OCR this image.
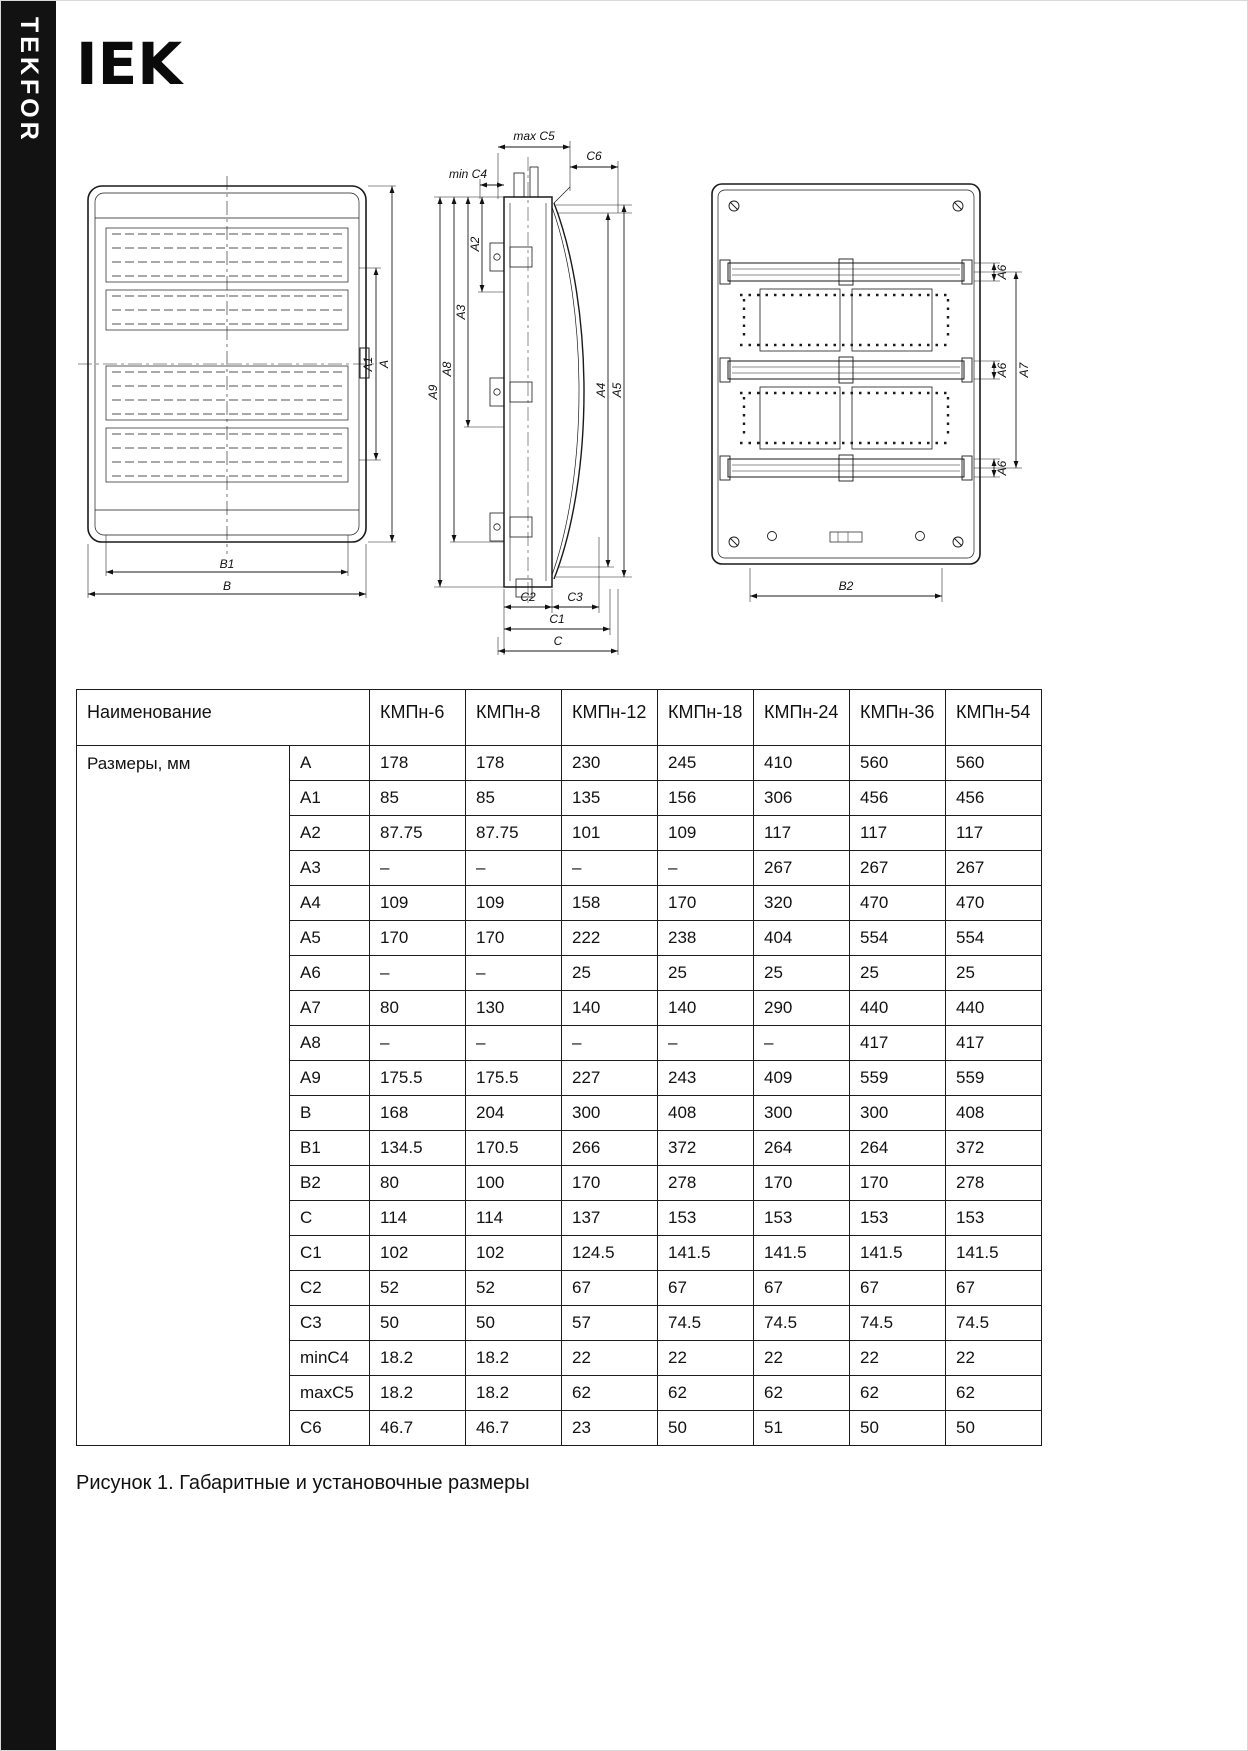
TEKFOR IEK
A1 A
B1
B
max C5
C6
min C4
A2
A3
A8
A9	A4 A5
C2	C3
C1
C
A6
A6
A6
A7
B2
Наименование		КМПн-6	КМПн-8	КМПн-12	КМПн-18	КМПн-24	КМПн-36	КМПн-54
Размеры, мм	A	178	178	230	245	410	560	560
	A1	85	85	135	156	306	456	456
	A2	87.75	87.75	101	109	117	117	117
	A3	–	–	–	–	267	267	267
	A4	109	109	158	170	320	470	470
	A5	170	170	222	238	404	554	554
	A6	–	–	25	25	25	25	25
	A7	80	130	140	140	290	440	440
	A8	–	–	–	–	–	417	417
	A9	175.5	175.5	227	243	409	559	559
	B	168	204	300	408	300	300	408
	B1	134.5	170.5	266	372	264	264	372
	B2	80	100	170	278	170	170	278
	C	114	114	137	153	153	153	153
	C1	102	102	124.5	141.5	141.5	141.5	141.5
	C2	52	52	67	67	67	67	67
	C3	50	50	57	74.5	74.5	74.5	74.5
	minC4	18.2	18.2	22	22	22	22	22
	maxC5	18.2	18.2	62	62	62	62	62
	C6	46.7	46.7	23	50	51	50	50
Рисунок 1. Габаритные и установочные размеры
